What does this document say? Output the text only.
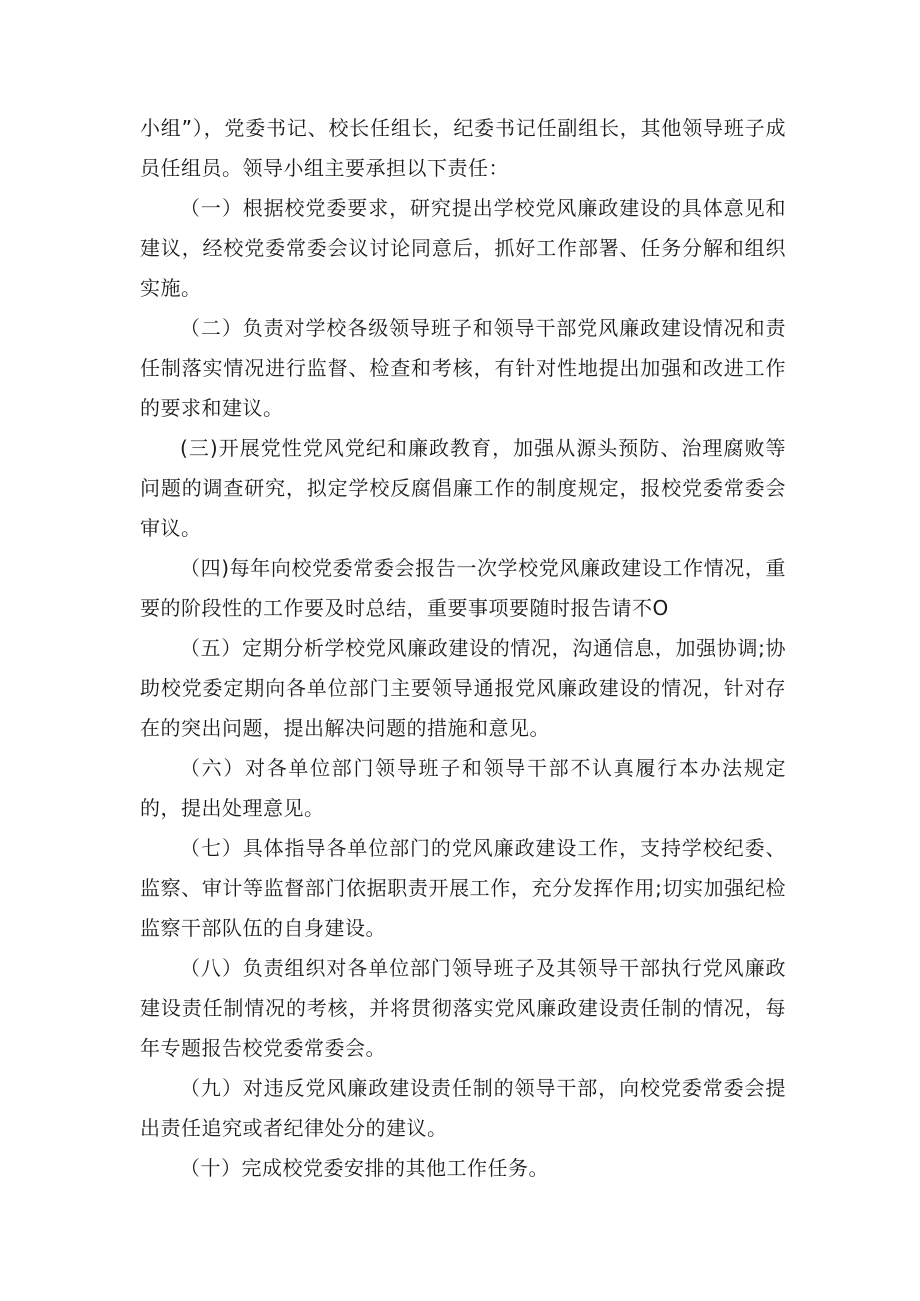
小组”），党委书记、校长任组长，纪委书记任副组长，其他领导班子成员任组员。领导小组主要承担以下责任：

（一）根据校党委要求，研究提出学校党风廉政建设的具体意见和建议，经校党委常委会议讨论同意后，抓好工作部署、任务分解和组织实施。

（二）负责对学校各级领导班子和领导干部党风廉政建设情况和责任制落实情况进行监督、检查和考核，有针对性地提出加强和改进工作的要求和建议。

(三)开展党性党风党纪和廉政教育，加强从源头预防、治理腐败等问题的调查研究，拟定学校反腐倡廉工作的制度规定，报校党委常委会审议。

（四)每年向校党委常委会报告一次学校党风廉政建设工作情况，重要的阶段性的工作要及时总结，重要事项要随时报告请不O

（五）定期分析学校党风廉政建设的情况，沟通信息，加强协调;协助校党委定期向各单位部门主要领导通报党风廉政建设的情况，针对存在的突出问题，提出解决问题的措施和意见。

（六）对各单位部门领导班子和领导干部不认真履行本办法规定的，提出处理意见。

（七）具体指导各单位部门的党风廉政建设工作，支持学校纪委、监察、审计等监督部门依据职责开展工作，充分发挥作用;切实加强纪检监察干部队伍的自身建设。

（八）负责组织对各单位部门领导班子及其领导干部执行党风廉政建设责任制情况的考核，并将贯彻落实党风廉政建设责任制的情况，每年专题报告校党委常委会。

（九）对违反党风廉政建设责任制的领导干部，向校党委常委会提出责任追究或者纪律处分的建议。

（十）完成校党委安排的其他工作任务。
